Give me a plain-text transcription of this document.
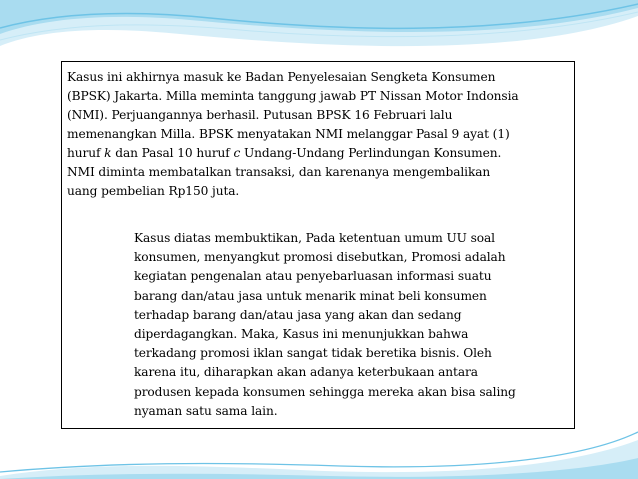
Kasus ini akhirnya masuk ke Badan Penyelesaian Sengketa Konsumen
(BPSK) Jakarta. Milla meminta tanggung jawab PT Nissan Motor Indonsia
(NMI). Perjuangannya berhasil. Putusan BPSK 16 Februari lalu
memenangkan Milla. BPSK menyatakan NMI melanggar Pasal 9 ayat (1)
huruf k dan Pasal 10 huruf c Undang-Undang Perlindungan Konsumen.
NMI diminta membatalkan transaksi, dan karenanya mengembalikan
uang pembelian Rp150 juta.

Kasus diatas membuktikan, Pada ketentuan umum UU soal
konsumen, menyangkut promosi disebutkan, Promosi adalah
kegiatan pengenalan atau penyebarluasan informasi suatu
barang dan/atau jasa untuk menarik minat beli konsumen
terhadap barang dan/atau jasa yang akan dan sedang
diperdagangkan. Maka, Kasus ini menunjukkan bahwa
terkadang promosi iklan sangat tidak beretika bisnis. Oleh
karena itu, diharapkan akan adanya keterbukaan antara
produsen kepada konsumen sehingga mereka akan bisa saling
nyaman satu sama lain.
